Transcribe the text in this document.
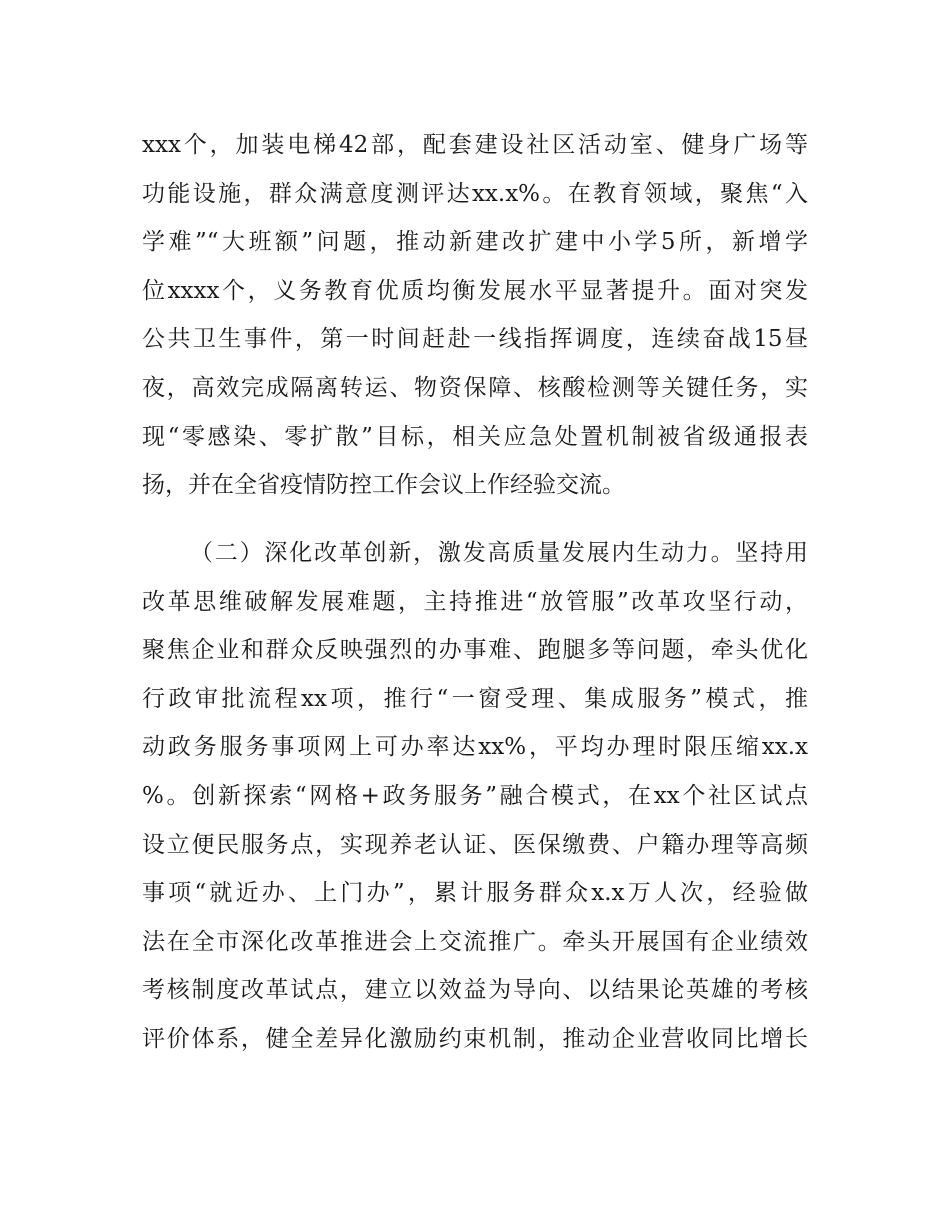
xxx个，加装电梯42部，配套建设社区活动室、健身广场等
功能设施，群众满意度测评达xx.x%。在教育领域，聚焦“入
学难”“大班额”问题，推动新建改扩建中小学5所，新增学
位xxxx个，义务教育优质均衡发展水平显著提升。面对突发
公共卫生事件，第一时间赶赴一线指挥调度，连续奋战15昼
夜，高效完成隔离转运、物资保障、核酸检测等关键任务，实
现“零感染、零扩散”目标，相关应急处置机制被省级通报表
扬，并在全省疫情防控工作会议上作经验交流。
（二）深化改革创新，激发高质量发展内生动力。坚持用
改革思维破解发展难题，主持推进“放管服”改革攻坚行动，
聚焦企业和群众反映强烈的办事难、跑腿多等问题，牵头优化
行政审批流程xx项，推行“一窗受理、集成服务”模式，推
动政务服务事项网上可办率达xx%，平均办理时限压缩xx.x
%。创新探索“网格+政务服务”融合模式，在xx个社区试点
设立便民服务点，实现养老认证、医保缴费、户籍办理等高频
事项“就近办、上门办”，累计服务群众x.x万人次，经验做
法在全市深化改革推进会上交流推广。牵头开展国有企业绩效
考核制度改革试点，建立以效益为导向、以结果论英雄的考核
评价体系，健全差异化激励约束机制，推动企业营收同比增长
